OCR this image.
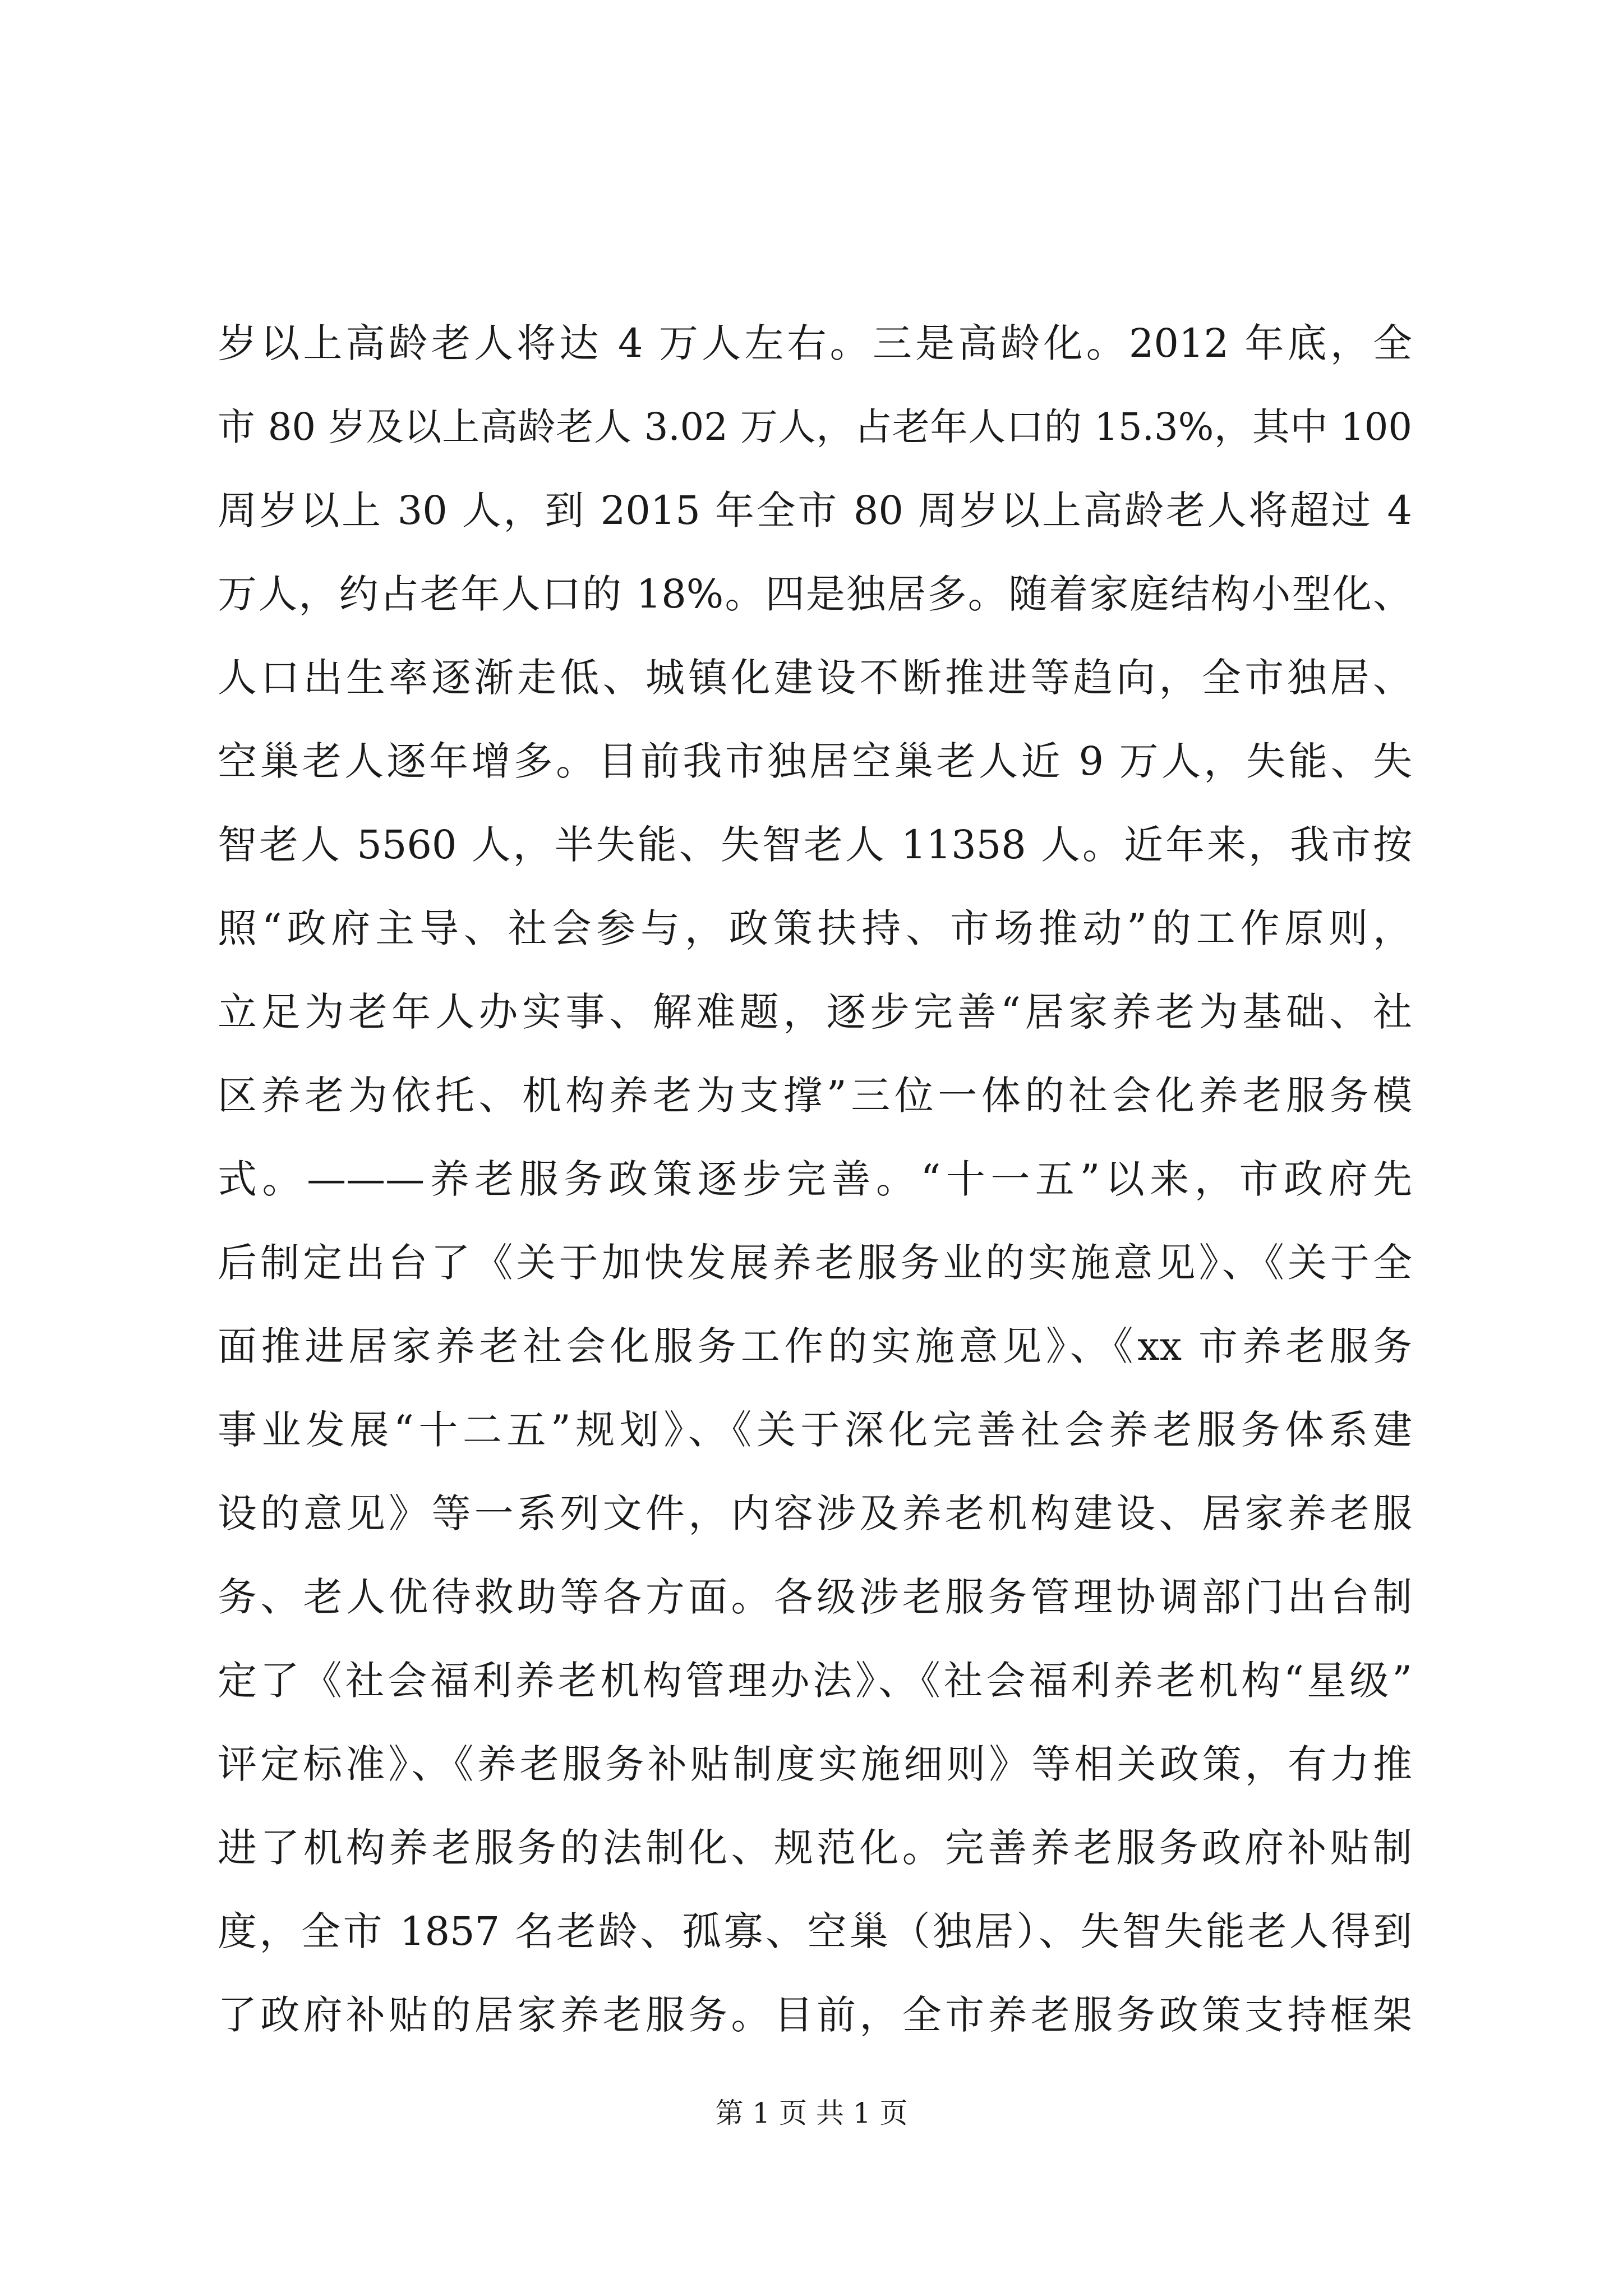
岁以上高龄老人将达 4 万人左右。三是高龄化。2012 年底，全
市 80 岁及以上高龄老人 3.02 万人，占老年人口的 15.3%，其中 100
周岁以上 30 人，到 2015 年全市 80 周岁以上高龄老人将超过 4
万人，约占老年人口的 18%。四是独居多。随着家庭结构小型化、
人口出生率逐渐走低、城镇化建设不断推进等趋向，全市独居、
空巢老人逐年增多。目前我市独居空巢老人近 9 万人，失能、失
智老人 5560 人，半失能、失智老人 11358 人。近年来，我市按
照“政府主导、社会参与，政策扶持、市场推动”的工作原则，
立足为老年人办实事、解难题，逐步完善“居家养老为基础、社
区养老为依托、机构养老为支撑”三位一体的社会化养老服务模
式。———养老服务政策逐步完善。“十一五”以来，市政府先
后制定出台了《关于加快发展养老服务业的实施意见》、《关于全
面推进居家养老社会化服务工作的实施意见》、《xx 市养老服务
事业发展“十二五”规划》、《关于深化完善社会养老服务体系建
设的意见》等一系列文件，内容涉及养老机构建设、居家养老服
务、老人优待救助等各方面。各级涉老服务管理协调部门出台制
定了《社会福利养老机构管理办法》、《社会福利养老机构“星级”
评定标准》、《养老服务补贴制度实施细则》等相关政策，有力推
进了机构养老服务的法制化、规范化。完善养老服务政府补贴制
度，全市 1857 名老龄、孤寡、空巢（独居）、失智失能老人得到
了政府补贴的居家养老服务。目前，全市养老服务政策支持框架
第 1 页 共 1 页
